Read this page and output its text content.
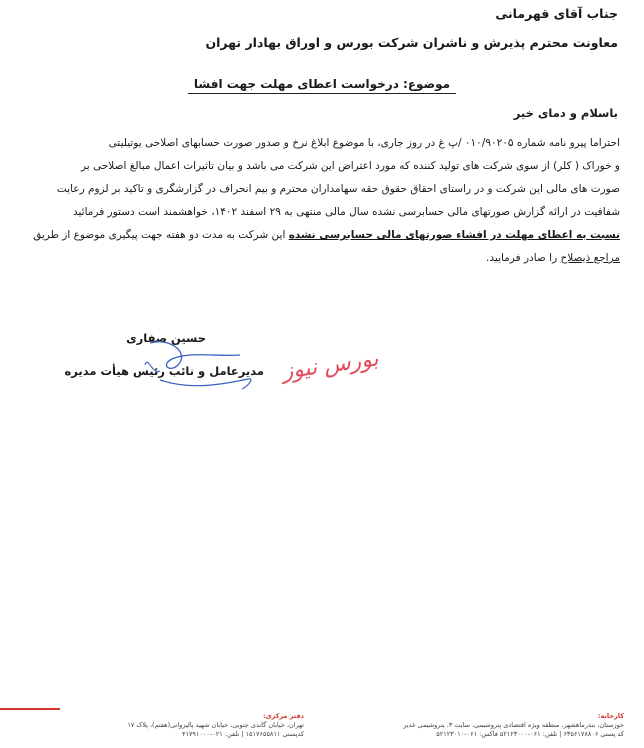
جناب آقای قهرمانی
معاونت محترم پذیرش و ناشران شرکت بورس و اوراق بهادار تهران
موضوع: درخواست اعطای مهلت جهت افشا
باسلام و دمای خیر
احتراما پیرو نامه شماره ۰۱۰/۹۰۲۰۵ /پ غ در روز جاری، با موضوع ابلاغ نرخ و صدور صورت حسابهای اصلاحی یوتیلیتی
و خوراک ( کلر) از سوی شرکت های تولید کننده که مورد اعتراض این شرکت می باشد و بیان تاثیرات اعمال مبالغ اصلاحی بر
صورت های مالی این شرکت و در راستای احقاق حقوق حقه سهامداران محترم و بیم انحراف در گزارشگری و تاکید بر لزوم رعایت
شفافیت در ارائه گزارش صورتهای مالی حسابرسی نشده سال مالی منتهی به ۲۹ اسفند ۱۴۰۲، خواهشمند است دستور فرمائید
نسبت به اعطای مهلت در افشاء صورتهای مالی حسابرسی نشده این شرکت به مدت دو هفته جهت پیگیری موضوع از طریق
مراجع ذیصلاح را صادر فرمایید.
حسین صفاری
مدیرعامل و نائب رئیس هیأت مدیره بورس نیوز
کارخانه:
خوزستان، بندرماهشهر، منطقه ویژه اقتصادی پتروشیمی، سایت ۳، پتروشیمی غدیر
کد پستی ۶۳۵۶۱۷۸۸۰۶ | تلفن: ۰۶۱-۵۲۱۲۳۰۰۰ فاکس: ۰۶۱-۵۲۱۲۳۰۱۰
دفتر مرکزی:
تهران، خیابان گاندی جنوبی، خیابان شهید پالیزوانی(هفتم)، پلاک ۱۷
کدپستی ۱۵۱۷۶۵۵۸۱۱ | تلفن: ۰۲۱-۴۱۷۹۱۰۰۰
